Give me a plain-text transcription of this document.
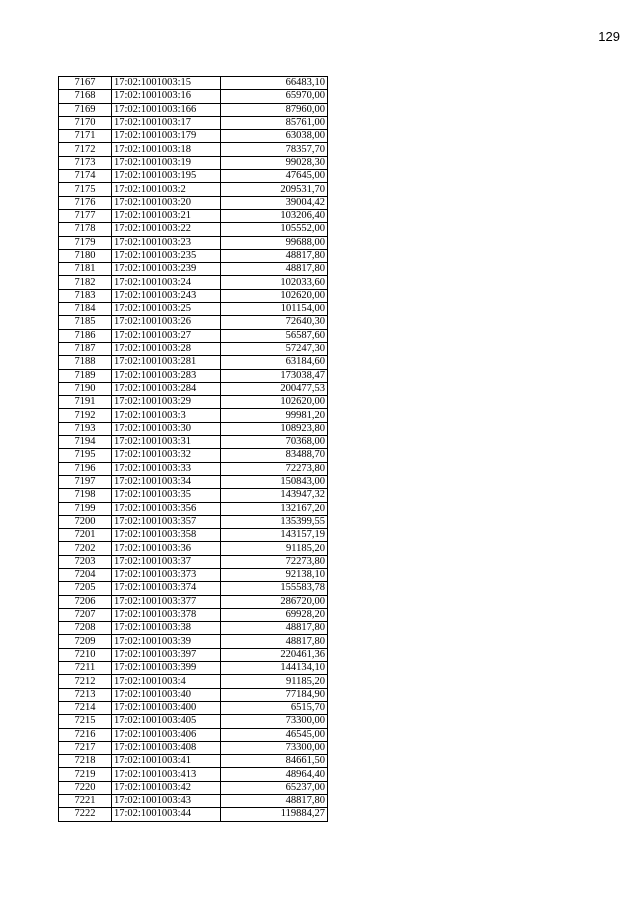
129
7167	17:02:1001003:15	66483,10
7168	17:02:1001003:16	65970,00
7169	17:02:1001003:166	87960,00
7170	17:02:1001003:17	85761,00
7171	17:02:1001003:179	63038,00
7172	17:02:1001003:18	78357,70
7173	17:02:1001003:19	99028,30
7174	17:02:1001003:195	47645,00
7175	17:02:1001003:2	209531,70
7176	17:02:1001003:20	39004,42
7177	17:02:1001003:21	103206,40
7178	17:02:1001003:22	105552,00
7179	17:02:1001003:23	99688,00
7180	17:02:1001003:235	48817,80
7181	17:02:1001003:239	48817,80
7182	17:02:1001003:24	102033,60
7183	17:02:1001003:243	102620,00
7184	17:02:1001003:25	101154,00
7185	17:02:1001003:26	72640,30
7186	17:02:1001003:27	56587,60
7187	17:02:1001003:28	57247,30
7188	17:02:1001003:281	63184,60
7189	17:02:1001003:283	173038,47
7190	17:02:1001003:284	200477,53
7191	17:02:1001003:29	102620,00
7192	17:02:1001003:3	99981,20
7193	17:02:1001003:30	108923,80
7194	17:02:1001003:31	70368,00
7195	17:02:1001003:32	83488,70
7196	17:02:1001003:33	72273,80
7197	17:02:1001003:34	150843,00
7198	17:02:1001003:35	143947,32
7199	17:02:1001003:356	132167,20
7200	17:02:1001003:357	135399,55
7201	17:02:1001003:358	143157,19
7202	17:02:1001003:36	91185,20
7203	17:02:1001003:37	72273,80
7204	17:02:1001003:373	92138,10
7205	17:02:1001003:374	155583,78
7206	17:02:1001003:377	286720,00
7207	17:02:1001003:378	69928,20
7208	17:02:1001003:38	48817,80
7209	17:02:1001003:39	48817,80
7210	17:02:1001003:397	220461,36
7211	17:02:1001003:399	144134,10
7212	17:02:1001003:4	91185,20
7213	17:02:1001003:40	77184,90
7214	17:02:1001003:400	6515,70
7215	17:02:1001003:405	73300,00
7216	17:02:1001003:406	46545,00
7217	17:02:1001003:408	73300,00
7218	17:02:1001003:41	84661,50
7219	17:02:1001003:413	48964,40
7220	17:02:1001003:42	65237,00
7221	17:02:1001003:43	48817,80
7222	17:02:1001003:44	119884,27
